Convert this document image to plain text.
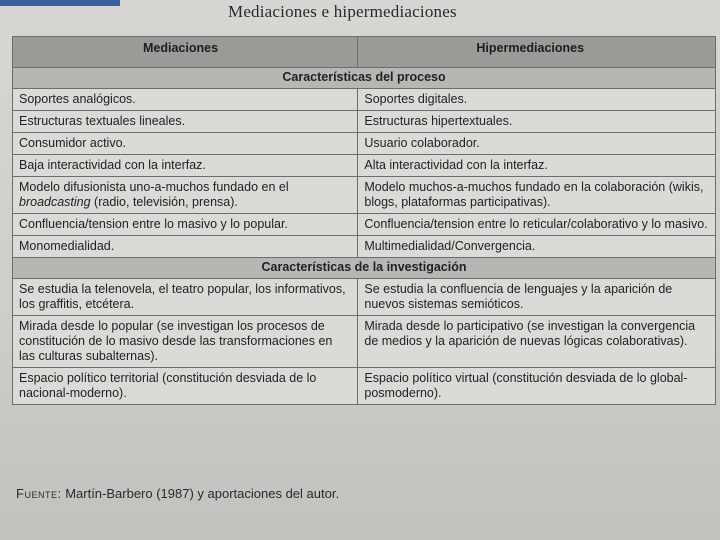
Mediaciones e hipermediaciones
Mediaciones	Hipermediaciones
Características del proceso	
Soportes analógicos.	Soportes digitales.
Estructuras textuales lineales.	Estructuras hipertextuales.
Consumidor activo.	Usuario colaborador.
Baja interactividad con la interfaz.	Alta interactividad con la interfaz.
Modelo difusionista uno-a-muchos fundado en el broadcasting (radio, televisión, prensa).	Modelo muchos-a-muchos fundado en la colaboración (wikis, blogs, plataformas participativas).
Confluencia/tension entre lo masivo y lo popular.	Confluencia/tension entre lo reticular/colaborativo y lo masivo.
Monomedialidad.	Multimedialidad/Convergencia.
Características de la investigación	
Se estudia la telenovela, el teatro popular, los informativos, los graffitis, etcétera.	Se estudia la confluencia de lenguajes y la aparición de nuevos sistemas semióticos.
Mirada desde lo popular (se investigan los procesos de constitución de lo masivo desde las transformaciones en las culturas subalternas).	Mirada desde lo participativo (se investigan la convergencia de medios y la aparición de nuevas lógicas colaborativas).
Espacio político territorial (constitución desviada de lo nacional-moderno).	Espacio político virtual (constitución desviada de lo global-posmoderno).
Fuente: Martín-Barbero (1987) y aportaciones del autor.
